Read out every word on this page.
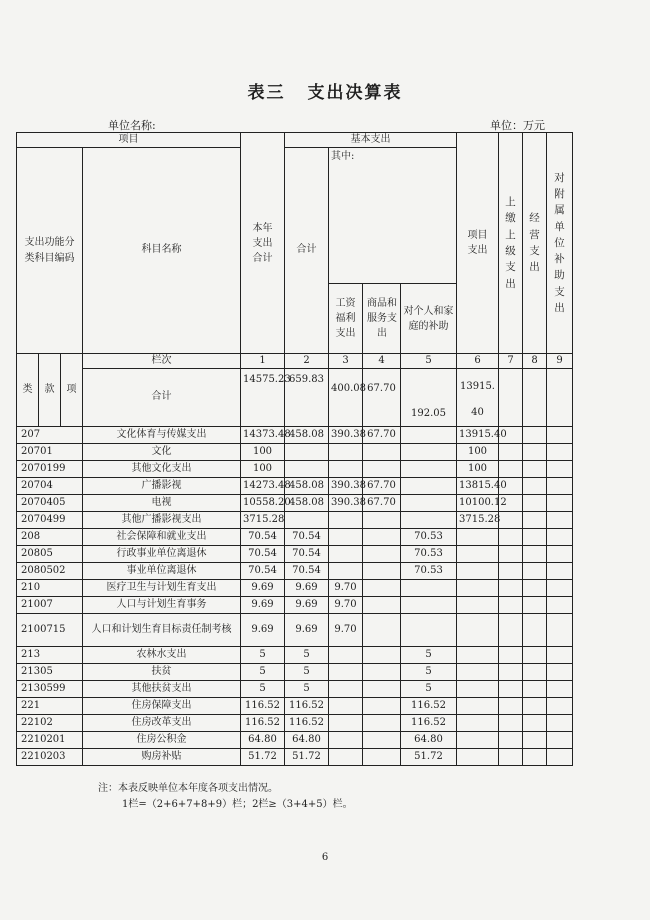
表三 支出决算表
单位名称:	单位：万元
项目				本年支出合计	基本支出				项目支出	上缴上级支出	经营支出	对附属单位补助支出

支出功能分类科目编码			科目名称		合计	其中:						

						工资福利支出	商品和服务支出	对个人和家庭的补助				

类	款	项	栏次	1	2	3	4	5	6	7	8	9
			合计	14575.23	659.83	400.08	67.70	192.05	13915.40			
207			文化体育与传媒支出	14373.48	458.08	390.38	67.70		13915.40			
20701			文化	100					100			
2070199			其他文化支出	100					100			
20704			广播影视	14273.48	458.08	390.38	67.70		13815.40			
2070405			电视	10558.20	458.08	390.38	67.70		10100.12			
2070499			其他广播影视支出	3715.28					3715.28			
208			社会保障和就业支出	70.54	70.54			70.53				
20805			行政事业单位离退休	70.54	70.54			70.53				
2080502			事业单位离退休	70.54	70.54			70.53				
210			医疗卫生与计划生育支出	9.69	9.69	9.70						
21007			人口与计划生育事务	9.69	9.69	9.70						
2100715			人口和计划生育目标责任制考核	9.69	9.69	9.70						
213			农林水支出	5	5			5				
21305			扶贫	5	5			5				
2130599			其他扶贫支出	5	5			5				
221			住房保障支出	116.52	116.52			116.52				
22102			住房改革支出	116.52	116.52			116.52				
2210201			住房公积金	64.80	64.80			64.80				
2210203			购房补贴	51.72	51.72			51.72				
注：本表反映单位本年度各项支出情况。
1栏=（2+6+7+8+9）栏；2栏≥（3+4+5）栏。
6
